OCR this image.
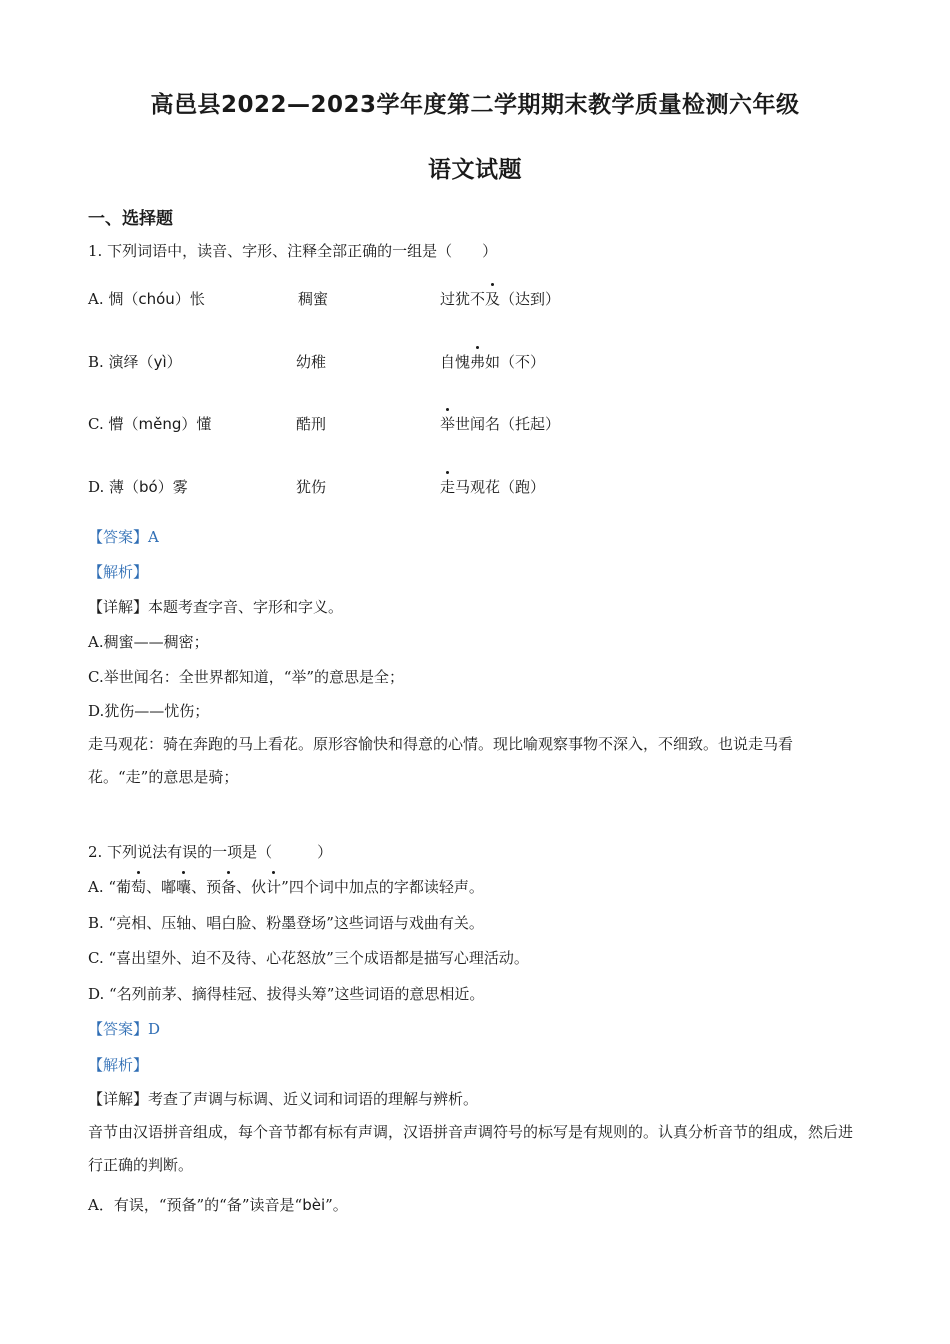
高邑县2022—2023学年度第二学期期末教学质量检测六年级
语文试题
一、选择题
1. 下列词语中，读音、字形、注释全部正确的一组是（　　）
A. 惆（chóu）怅	稠蜜	过犹不及（达到）
B. 演绎（yì）	幼稚	自愧弗如（不）
C. 懵（měng）懂	酷刑	举世闻名（托起）
D. 薄（bó）雾	犹伤	走马观花（跑）
【答案】A
【解析】
【详解】本题考查字音、字形和字义。
A.稠蜜——稠密；
C.举世闻名：全世界都知道，“举”的意思是全；
D.犹伤——忧伤；
走马观花：骑在奔跑的马上看花。原形容愉快和得意的心情。现比喻观察事物不深入，不细致。也说走马看花。“走”的意思是骑；
2. 下列说法有误的一项是（　　　）
A. “葡萄、嘟囔、预备、伙计”四个词中加点的字都读轻声。
B. “亮相、压轴、唱白脸、粉墨登场”这些词语与戏曲有关。
C. “喜出望外、迫不及待、心花怒放”三个成语都是描写心理活动。
D. “名列前茅、摘得桂冠、拔得头筹”这些词语的意思相近。
【答案】D
【解析】
【详解】考查了声调与标调、近义词和词语的理解与辨析。
音节由汉语拼音组成，每个音节都有标有声调，汉语拼音声调符号的标写是有规则的。认真分析音节的组成，然后进行正确的判断。
A．有误，“预备”的“备”读音是“bèi”。
